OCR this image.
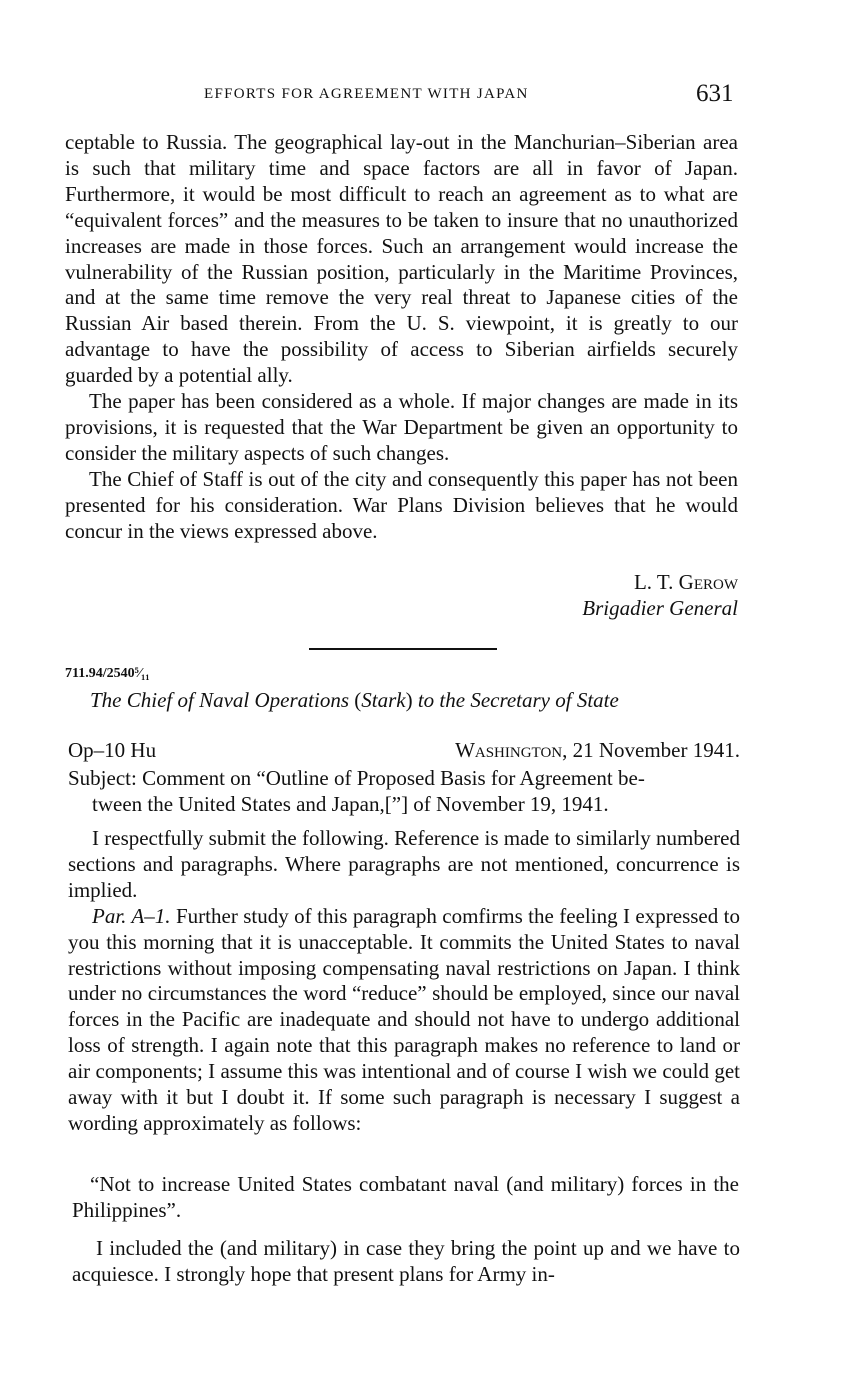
EFFORTS FOR AGREEMENT WITH JAPAN	631

ceptable to Russia. The geographical lay-out in the Manchurian–Siberian area is such that military time and space factors are all in favor of Japan. Furthermore, it would be most difficult to reach an agreement as to what are “equivalent forces” and the measures to be taken to insure that no unauthorized increases are made in those forces. Such an arrangement would increase the vulnerability of the Russian position, particularly in the Maritime Provinces, and at the same time remove the very real threat to Japanese cities of the Russian Air based therein. From the U. S. viewpoint, it is greatly to our advantage to have the possibility of access to Siberian airfields securely guarded by a potential ally.

The paper has been considered as a whole. If major changes are made in its provisions, it is requested that the War Department be given an opportunity to consider the military aspects of such changes.

The Chief of Staff is out of the city and consequently this paper has not been presented for his consideration. War Plans Division believes that he would concur in the views expressed above.

L. T. Gerow
Brigadier General
711.94/2540⁵⁄₁₁
The Chief of Naval Operations (Stark) to the Secretary of State
Op–10 Hu	Washington, 21 November 1941.
Subject: Comment on “Outline of Proposed Basis for Agreement be-
tween the United States and Japan,[”] of November 19, 1941.

I respectfully submit the following. Reference is made to similarly numbered sections and paragraphs. Where paragraphs are not mentioned, concurrence is implied.

Par. A–1. Further study of this paragraph comfirms the feeling I expressed to you this morning that it is unacceptable. It commits the United States to naval restrictions without imposing compensating naval restrictions on Japan. I think under no circumstances the word “reduce” should be employed, since our naval forces in the Pacific are inadequate and should not have to undergo additional loss of strength. I again note that this paragraph makes no reference to land or air components; I assume this was intentional and of course I wish we could get away with it but I doubt it. If some such paragraph is necessary I suggest a wording approximately as follows:

“Not to increase United States combatant naval (and military) forces in the Philippines”.

I included the (and military) in case they bring the point up and we have to acquiesce. I strongly hope that present plans for Army in-
